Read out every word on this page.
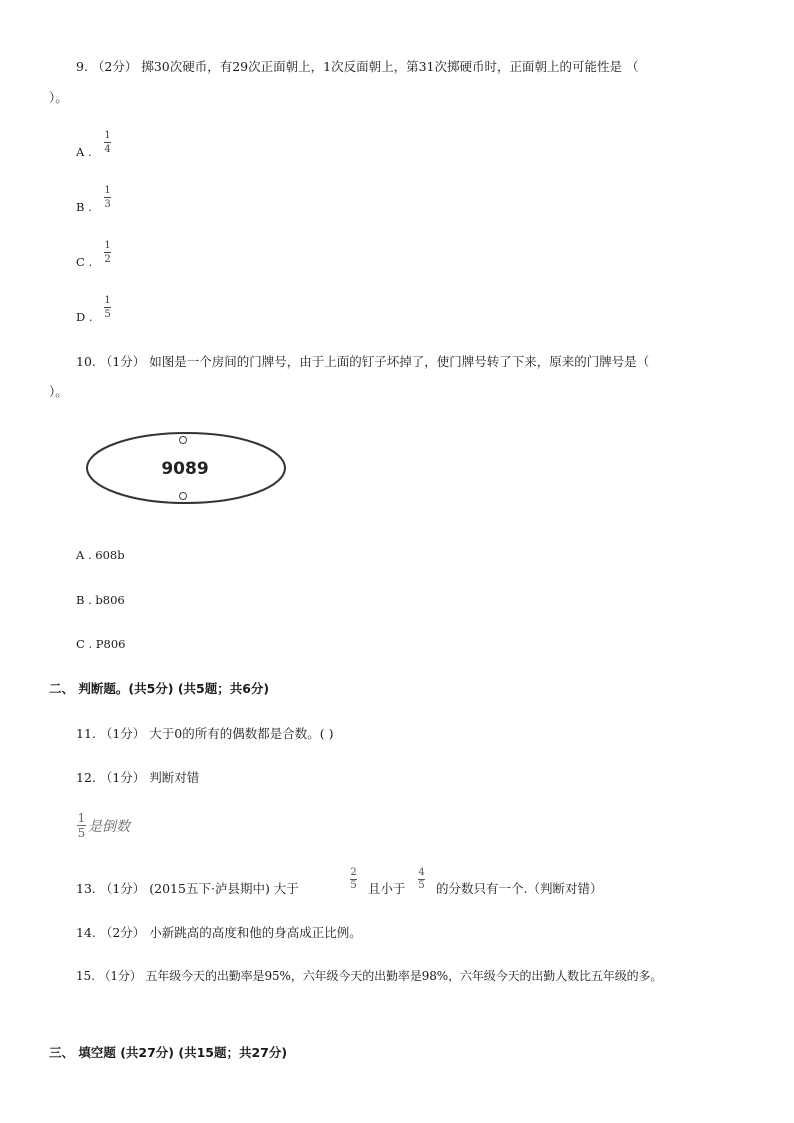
9. （2分） 掷30次硬币，有29次正面朝上，1次反面朝上，第31次掷硬币时，正面朝上的可能性是 （
）。
A .
1
4
B .
1
3
C .
1
2
D .
1
5
10. （1分） 如图是一个房间的门牌号，由于上面的钉子坏掉了，使门牌号转了下来，原来的门牌号是（
）。
9089
A . 608b
B . b806
C . P806
二、 判断题。(共5分) (共5题；共6分)
11. （1分） 大于0的所有的偶数都是合数。( )
12. （1分） 判断对错
1
5 是倒数
13. （1分） (2015五下·泸县期中) 大于
2
5 且小于
4
5 的分数只有一个.（判断对错）
14. （2分） 小新跳高的高度和他的身高成正比例。
15. （1分） 五年级今天的出勤率是95%，六年级今天的出勤率是98%，六年级今天的出勤人数比五年级的多。
三、 填空题 (共27分) (共15题；共27分)
